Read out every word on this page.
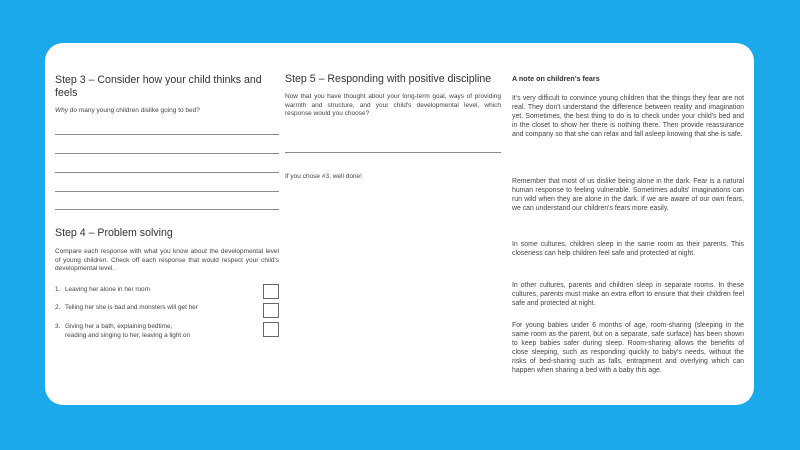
Step 3 – Consider how your child thinks and feels
Why do many young children dislike going to bed?
Step 4 – Problem solving
Compare each response with what you know about the developmental level of young children. Check off each response that would respect your child's developmental level.
1. Leaving her alone in her room
2. Telling her she is bad and monsters will get her
3. Giving her a bath, explaining bedtime,
reading and singing to her, leaving a light on
Step 5 – Responding with positive discipline
Now that you have thought about your long-term goal, ways of providing warmth and structure, and your child's developmental level, which response would you choose?
If you chose #3, well done!
A note on children's fears
It's very difficult to convince young children that the things they fear are not real. They don't understand the difference between reality and imagination yet. Sometimes, the best thing to do is to check under your child's bed and in the closet to show her there is nothing there. Then provide reassurance and company so that she can relax and fall asleep knowing that she is safe.
Remember that most of us dislike being alone in the dark. Fear is a natural human response to feeling vulnerable. Sometimes adults' imaginations can run wild when they are alone in the dark. If we are aware of our own fears, we can understand our children's fears more easily.
In some cultures, children sleep in the same room as their parents. This closeness can help children feel safe and protected at night.
In other cultures, parents and children sleep in separate rooms. In these cultures, parents must make an extra effort to ensure that their children feel safe and protected at night.
For young babies under 6 months of age, room-sharing (sleeping in the same room as the parent, but on a separate, safe surface) has been shown to keep babies safer during sleep. Room-sharing allows the benefits of close sleeping, such as responding quickly to baby's needs, without the risks of bed-sharing such as falls, entrapment and overlying which can happen when sharing a bed with a baby this age.
